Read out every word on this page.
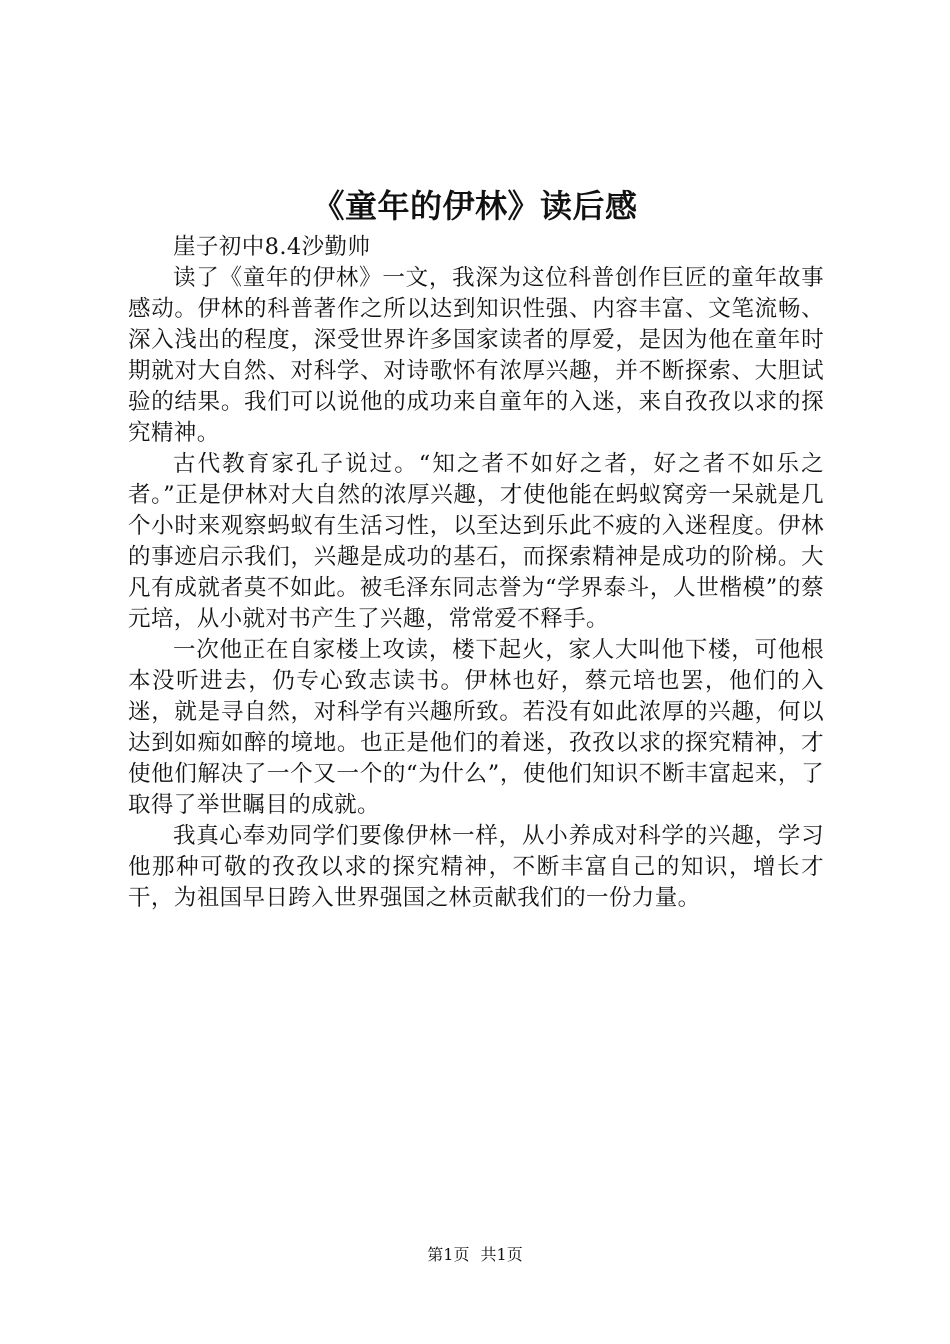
《童年的伊林》读后感

崖子初中8.4沙勤帅

读了《童年的伊林》一文，我深为这位科普创作巨匠的童年故事感动。伊林的科普著作之所以达到知识性强、内容丰富、文笔流畅、深入浅出的程度，深受世界许多国家读者的厚爱，是因为他在童年时期就对大自然、对科学、对诗歌怀有浓厚兴趣，并不断探索、大胆试验的结果。我们可以说他的成功来自童年的入迷，来自孜孜以求的探究精神。

古代教育家孔子说过。“知之者不如好之者，好之者不如乐之者。”正是伊林对大自然的浓厚兴趣，才使他能在蚂蚁窝旁一呆就是几个小时来观察蚂蚁有生活习性，以至达到乐此不疲的入迷程度。伊林的事迹启示我们，兴趣是成功的基石，而探索精神是成功的阶梯。大凡有成就者莫不如此。被毛泽东同志誉为“学界泰斗，人世楷模”的蔡元培，从小就对书产生了兴趣，常常爱不释手。

一次他正在自家楼上攻读，楼下起火，家人大叫他下楼，可他根本没听进去，仍专心致志读书。伊林也好，蔡元培也罢，他们的入迷，就是寻自然，对科学有兴趣所致。若没有如此浓厚的兴趣，何以达到如痴如醉的境地。也正是他们的着迷，孜孜以求的探究精神，才使他们解决了一个又一个的“为什么”，使他们知识不断丰富起来，了取得了举世瞩目的成就。

我真心奉劝同学们要像伊林一样，从小养成对科学的兴趣，学习他那种可敬的孜孜以求的探究精神，不断丰富自己的知识，增长才干，为祖国早日跨入世界强国之林贡献我们的一份力量。

第1页 共1页
